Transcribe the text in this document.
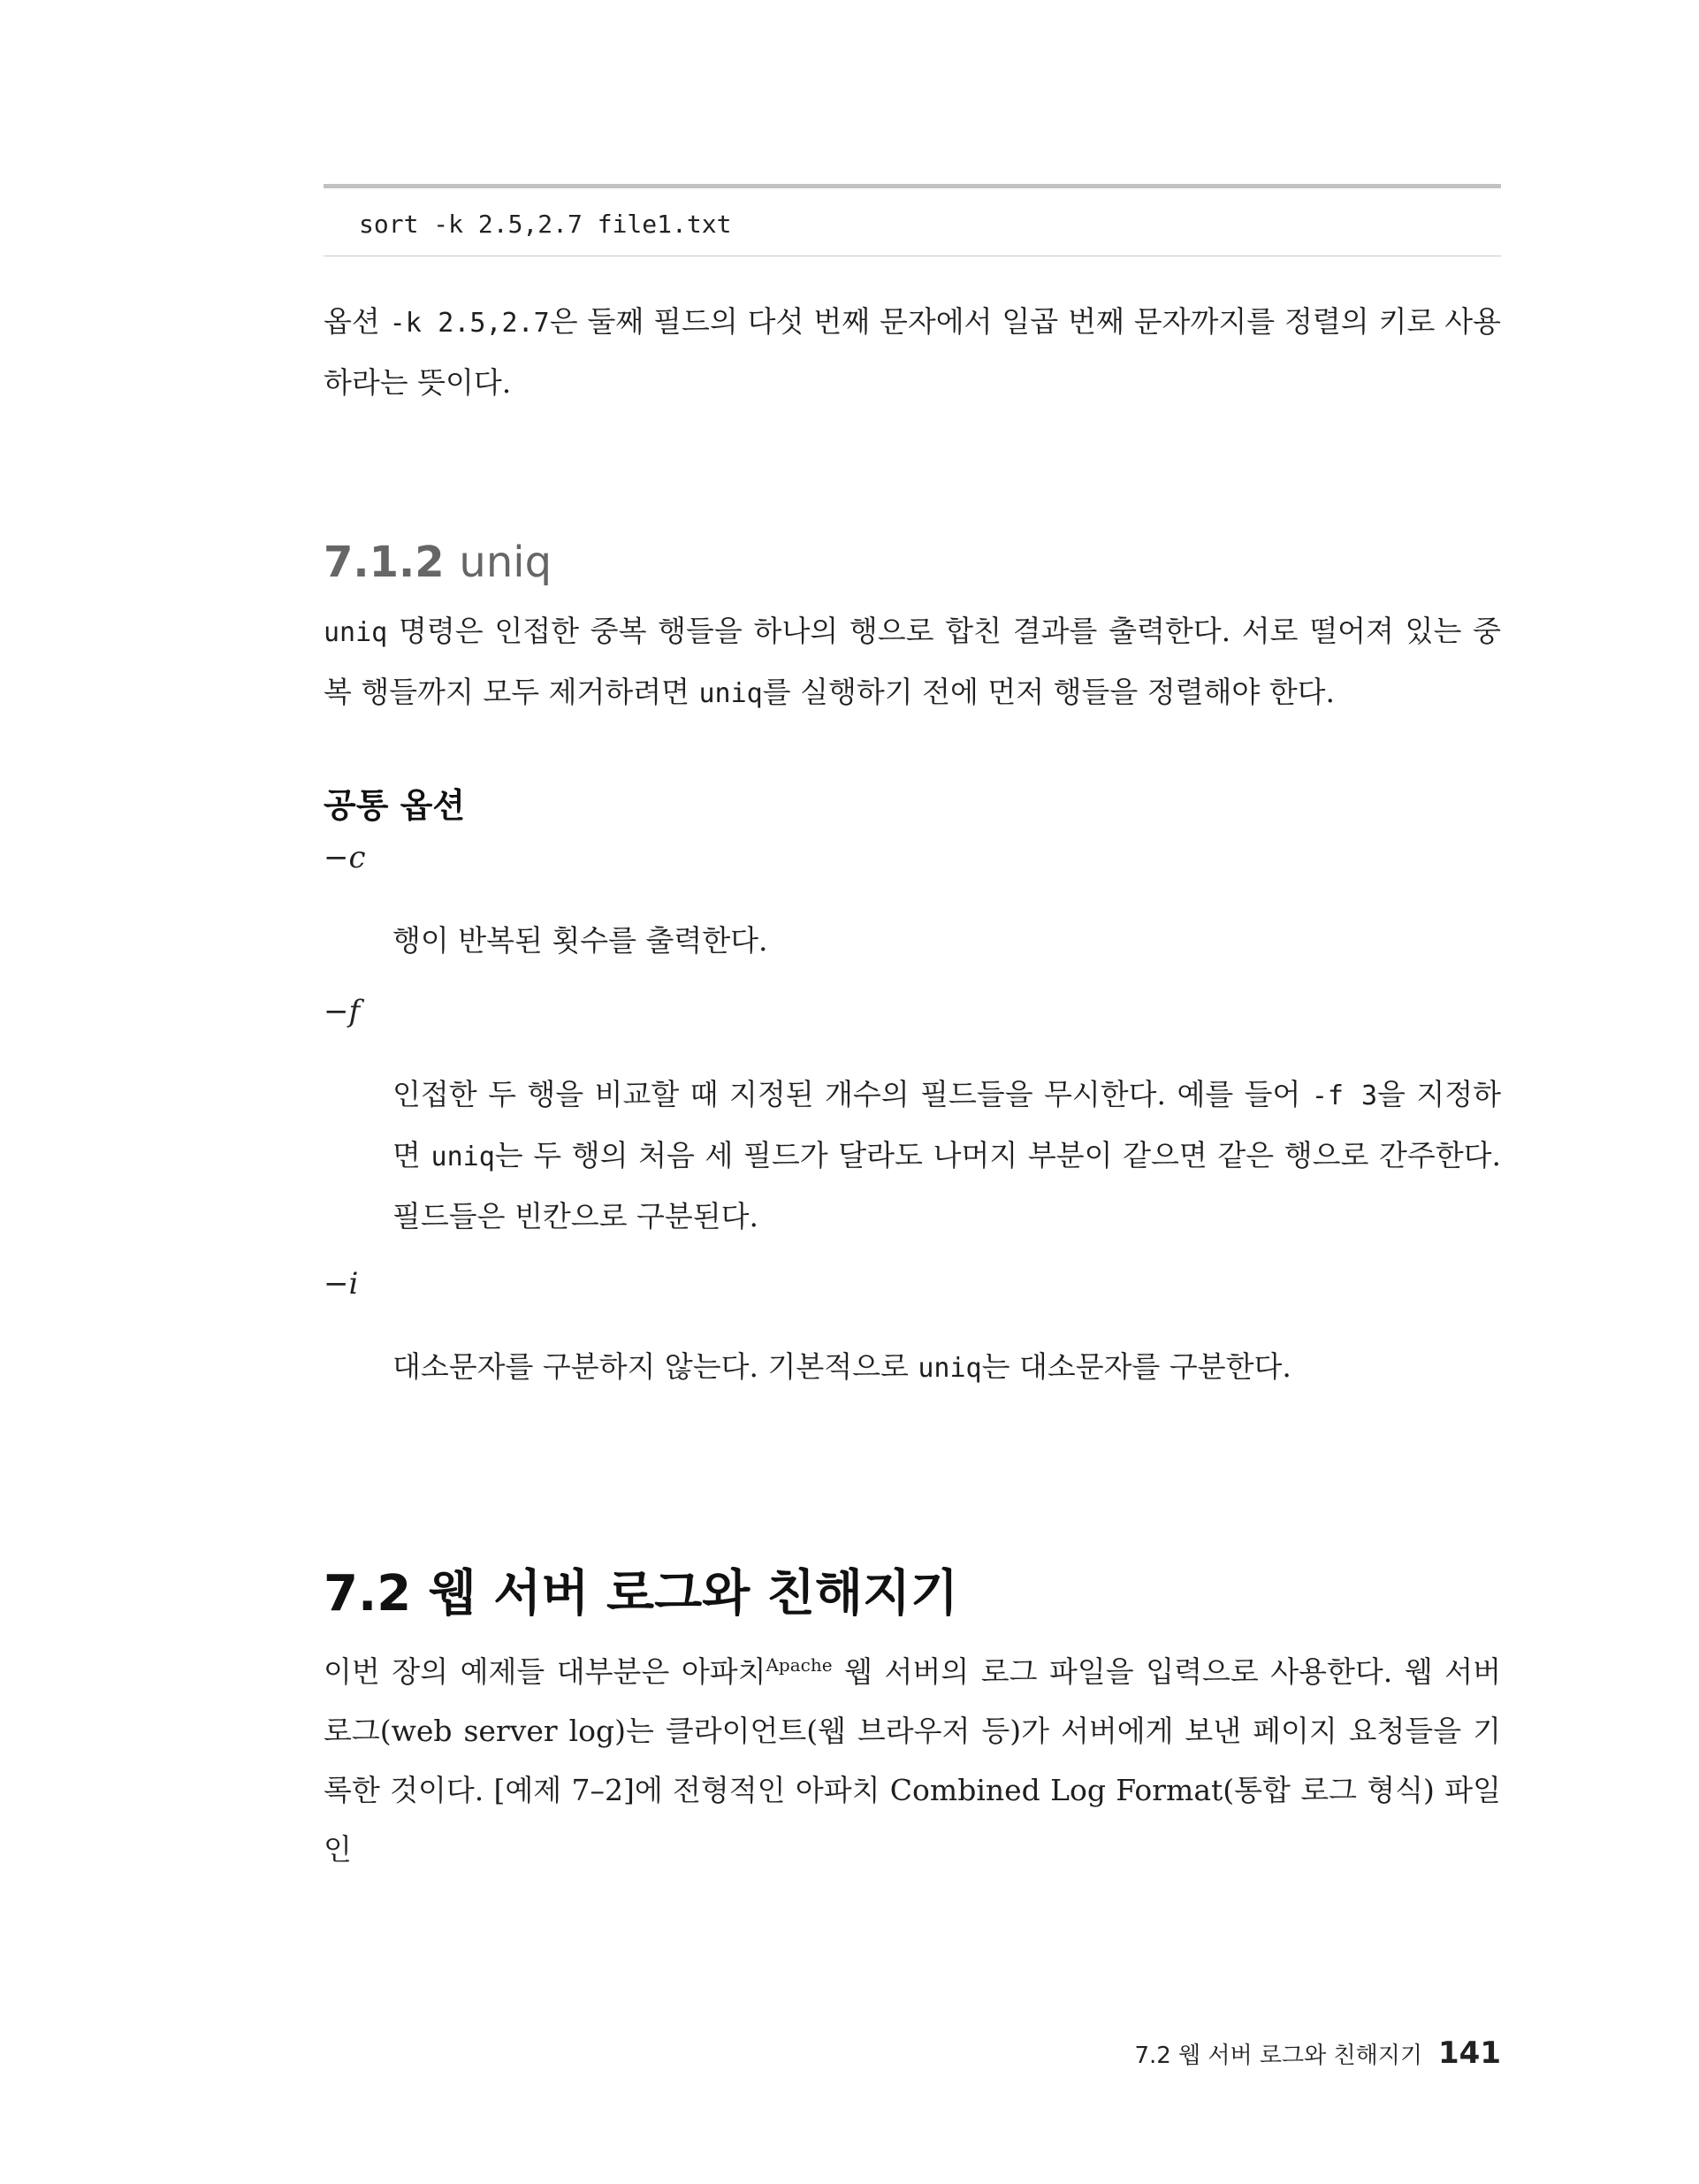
sort -k 2.5,2.7 file1.txt

옵션 -k 2.5,2.7은 둘째 필드의 다섯 번째 문자에서 일곱 번째 문자까지를 정렬의 키로 사용하라는 뜻이다.

7.1.2 uniq

uniq 명령은 인접한 중복 행들을 하나의 행으로 합친 결과를 출력한다. 서로 떨어져 있는 중복 행들까지 모두 제거하려면 uniq를 실행하기 전에 먼저 행들을 정렬해야 한다.

공통 옵션
−c

행이 반복된 횟수를 출력한다.

−f

인접한 두 행을 비교할 때 지정된 개수의 필드들을 무시한다. 예를 들어 -f 3을 지정하면 uniq는 두 행의 처음 세 필드가 달라도 나머지 부분이 같으면 같은 행으로 간주한다. 필드들은 빈칸으로 구분된다.

−i

대소문자를 구분하지 않는다. 기본적으로 uniq는 대소문자를 구분한다.

7.2 웹 서버 로그와 친해지기

이번 장의 예제들 대부분은 아파치$^{Apache}$ 웹 서버의 로그 파일을 입력으로 사용한다. 웹 서버 로그(web server log)는 클라이언트(웹 브라우저 등)가 서버에게 보낸 페이지 요청들을 기록한 것이다. [예제 7–2]에 전형적인 아파치 Combined Log Format(통합 로그 형식) 파일인

7.2 웹 서버 로그와 친해지기 141
